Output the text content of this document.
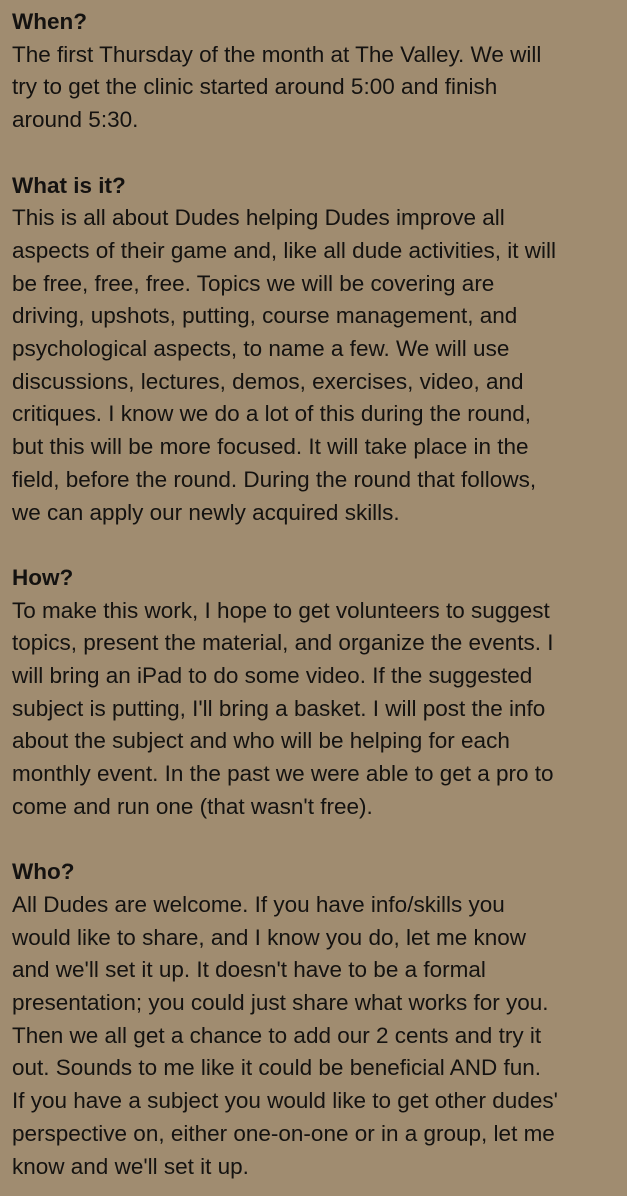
When?
The first Thursday of the month at The Valley. We will
try to get the clinic started around 5:00 and finish
around 5:30.
What is it?
This is all about Dudes helping Dudes improve all
aspects of their game and, like all dude activities, it will
be free, free, free. Topics we will be covering are
driving, upshots, putting, course management, and
psychological aspects, to name a few. We will use
discussions, lectures, demos, exercises, video, and
critiques. I know we do a lot of this during the round,
but this will be more focused. It will take place in the
field, before the round. During the round that follows,
we can apply our newly acquired skills.
How?
To make this work, I hope to get volunteers to suggest
topics, present the material, and organize the events. I
will bring an iPad to do some video. If the suggested
subject is putting, I'll bring a basket. I will post the info
about the subject and who will be helping for each
monthly event. In the past we were able to get a pro to
come and run one (that wasn't free).
Who?
All Dudes are welcome. If you have info/skills you
would like to share, and I know you do, let me know
and we'll set it up. It doesn't have to be a formal
presentation; you could just share what works for you.
Then we all get a chance to add our 2 cents and try it
out. Sounds to me like it could be beneficial AND fun.
If you have a subject you would like to get other dudes'
perspective on, either one-on-one or in a group, let me
know and we'll set it up.
